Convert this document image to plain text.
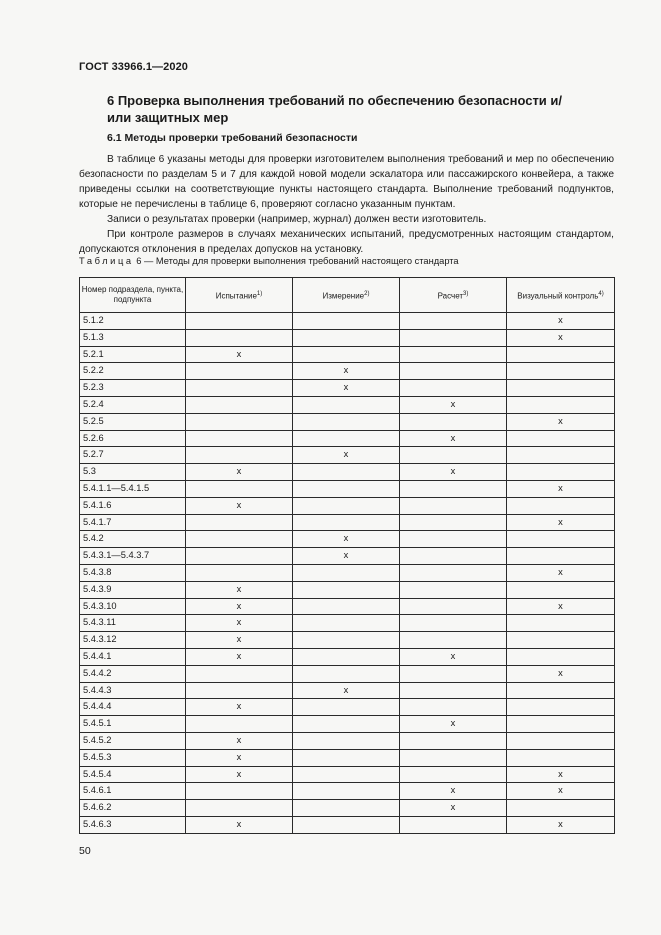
ГОСТ 33966.1—2020
6 Проверка выполнения требований по обеспечению безопасности и/или защитных мер
6.1 Методы проверки требований безопасности

В таблице 6 указаны методы для проверки изготовителем выполнения требований и мер по обеспечению безопасности по разделам 5 и 7 для каждой новой модели эскалатора или пассажирского конвейера, а также приведены ссылки на соответствующие пункты настоящего стандарта. Выполнение требований подпунктов, которые не перечислены в таблице 6, проверяют согласно указанным пунктам.

Записи о результатах проверки (например, журнал) должен вести изготовитель.

При контроле размеров в случаях механических испытаний, предусмотренных настоящим стандартом, допускаются отклонения в пределах допусков на установку.

Таблица 6 — Методы для проверки выполнения требований настоящего стандарта
Номер подраздела, пункта, подпункта	Испытание$^{1)}$	Измерение$^{2)}$	Расчет$^{3)}$	Визуальный контроль$^{4)}$
5.1.2				x
5.1.3				x
5.2.1	x			
5.2.2		x		
5.2.3		x		
5.2.4			x	
5.2.5				x
5.2.6			x	
5.2.7		x		
5.3	x		x	
5.4.1.1—5.4.1.5				x
5.4.1.6	x			
5.4.1.7				x
5.4.2		x		
5.4.3.1—5.4.3.7		x		
5.4.3.8				x
5.4.3.9	x			
5.4.3.10	x			x
5.4.3.11	x			
5.4.3.12	x			
5.4.4.1	x		x	
5.4.4.2				x
5.4.4.3		x		
5.4.4.4	x			
5.4.5.1			x	
5.4.5.2	x			
5.4.5.3	x			
5.4.5.4	x			x
5.4.6.1			x	x
5.4.6.2			x	
5.4.6.3	x			x
50
